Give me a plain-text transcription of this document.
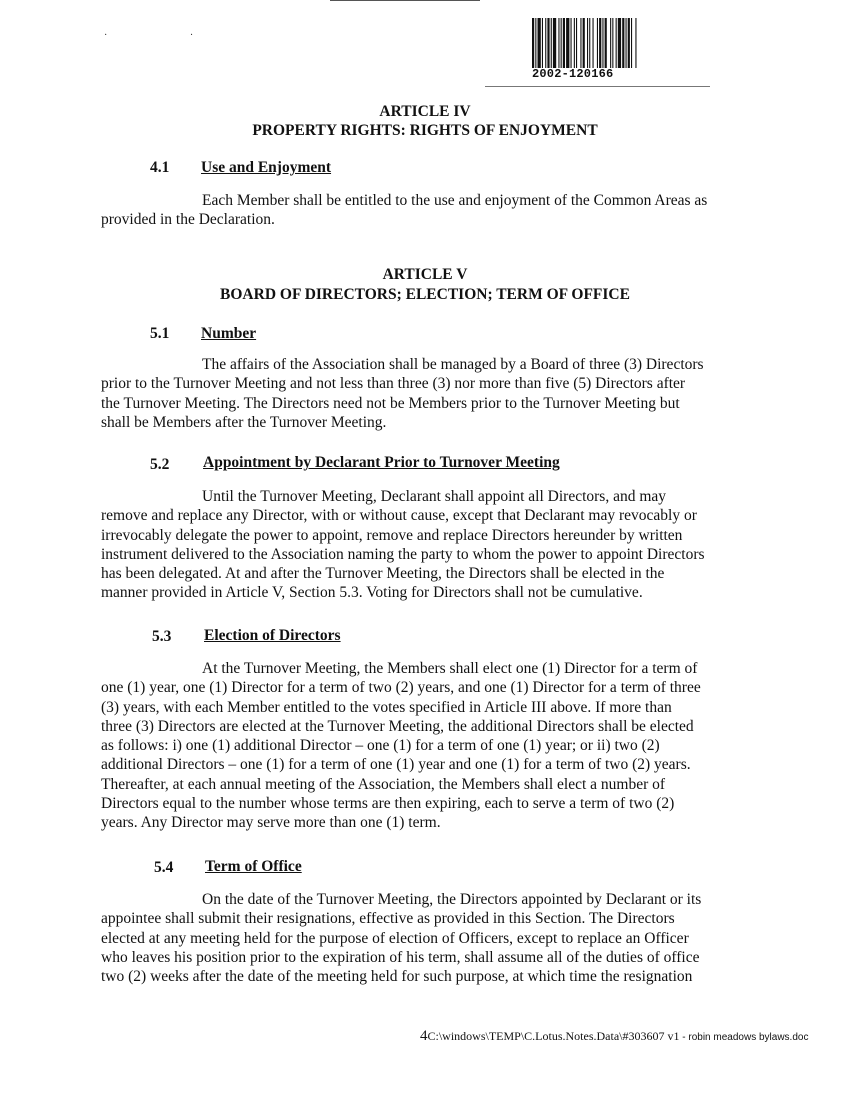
· ·
2002-120166
ARTICLE IV
PROPERTY RIGHTS: RIGHTS OF ENJOYMENT
4.1 Use and Enjoyment
Each Member shall be entitled to the use and enjoyment of the Common Areas as
provided in the Declaration.
ARTICLE V
BOARD OF DIRECTORS; ELECTION; TERM OF OFFICE
5.1 Number
The affairs of the Association shall be managed by a Board of three (3) Directors
prior to the Turnover Meeting and not less than three (3) nor more than five (5) Directors after
the Turnover Meeting. The Directors need not be Members prior to the Turnover Meeting but
shall be Members after the Turnover Meeting.
5.2 Appointment by Declarant Prior to Turnover Meeting
Until the Turnover Meeting, Declarant shall appoint all Directors, and may
remove and replace any Director, with or without cause, except that Declarant may revocably or
irrevocably delegate the power to appoint, remove and replace Directors hereunder by written
instrument delivered to the Association naming the party to whom the power to appoint Directors
has been delegated. At and after the Turnover Meeting, the Directors shall be elected in the
manner provided in Article V, Section 5.3. Voting for Directors shall not be cumulative.
5.3 Election of Directors
At the Turnover Meeting, the Members shall elect one (1) Director for a term of
one (1) year, one (1) Director for a term of two (2) years, and one (1) Director for a term of three
(3) years, with each Member entitled to the votes specified in Article III above. If more than
three (3) Directors are elected at the Turnover Meeting, the additional Directors shall be elected
as follows: i) one (1) additional Director – one (1) for a term of one (1) year; or ii) two (2)
additional Directors – one (1) for a term of one (1) year and one (1) for a term of two (2) years.
Thereafter, at each annual meeting of the Association, the Members shall elect a number of
Directors equal to the number whose terms are then expiring, each to serve a term of two (2)
years. Any Director may serve more than one (1) term.
5.4 Term of Office
On the date of the Turnover Meeting, the Directors appointed by Declarant or its
appointee shall submit their resignations, effective as provided in this Section. The Directors
elected at any meeting held for the purpose of election of Officers, except to replace an Officer
who leaves his position prior to the expiration of his term, shall assume all of the duties of office
two (2) weeks after the date of the meeting held for such purpose, at which time the resignation
4C:\windows\TEMP\C.Lotus.Notes.Data\#303607 v1 - robin meadows bylaws.doc
